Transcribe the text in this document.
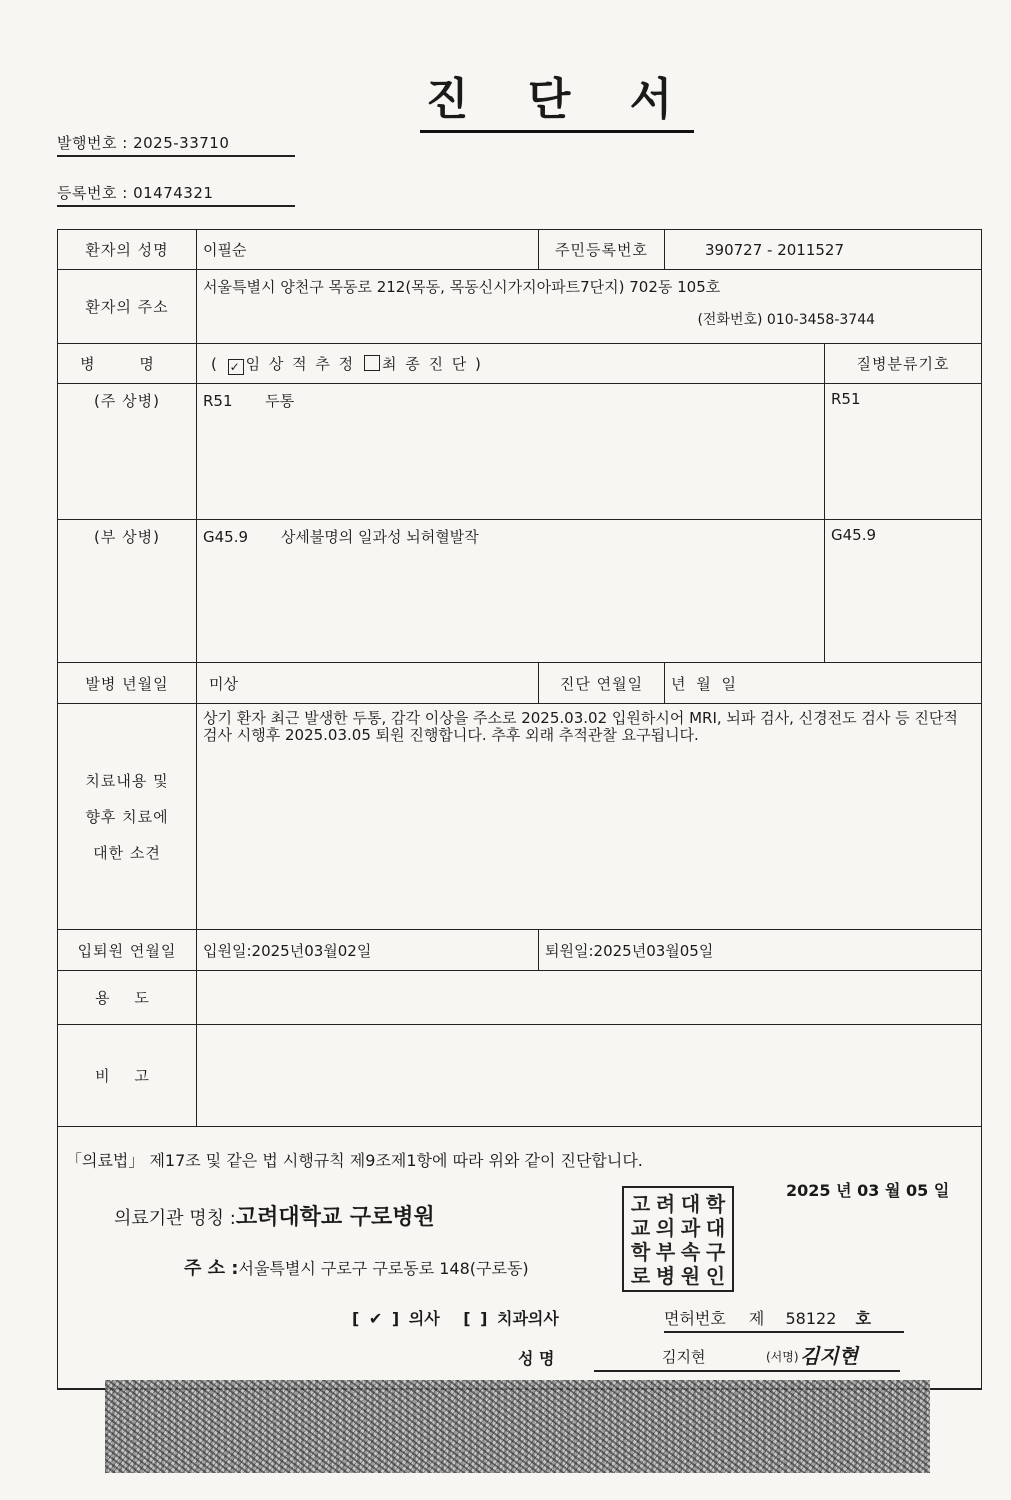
진 단 서
발행번호 : 2025-33710
등록번호 : 01474321
환자의 성명	이필순	주민등록번호	390727 - 2011527	
환자의 주소	서울특별시 양천구 목동로 212(목동, 목동신시가지아파트7단지) 702동 105호
(전화번호) 010-3458-3744			

병 명	( ✓ 임 상 적 추 정 최 종 진 단 )			질병분류기호
(주 상병)	R51 두통			R51
(부 상병)	G45.9 상세불명의 일과성 뇌허혈발작			G45.9
발병 년월일	미상	진단 연월일	년 월 일	

치료내용 및
향후 치료에
대한 소견	상기 환자 최근 발생한 두통, 감각 이상을 주소로 2025.03.02 입원하시어 MRI, 뇌파 검사, 신경전도 검사 등 진단적 검사 시행후 2025.03.05 퇴원 진행합니다. 추후 외래 추적관찰 요구됩니다.			
입퇴원 연월일	입원일:2025년03월02일	퇴원일:2025년03월05일		
용 도				
비 고				

「의료법」 제17조 및 같은 법 시행규칙 제9조제1항에 따라 위와 같이 진단합니다.
2025 년 03 월 05 일
의료기관 명칭 :고려대학교 구로병원
주 소 :서울특별시 구로구 구로동로 148(구로동)
고 려 대 학
교 의 과 대
학 부 속 구
로 병 원 인
[ ✔ ] 의사 [ ] 치과의사	면허번호 제 58122 호
성 명	김지현	(서명) 김지현
